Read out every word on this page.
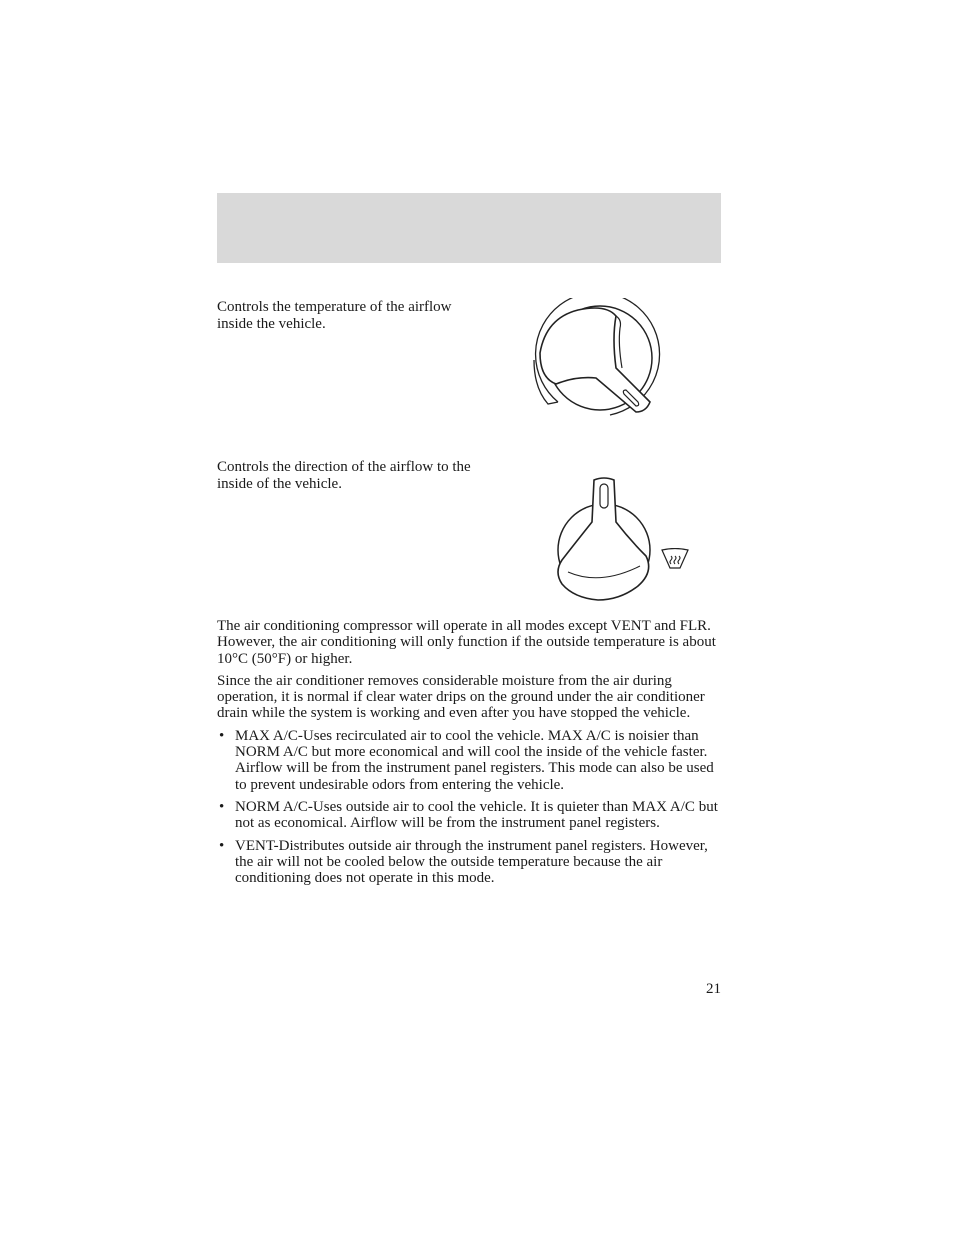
Controls the temperature of the airflow inside the vehicle.
Controls the direction of the airflow to the inside of the vehicle.

The air conditioning compressor will operate in all modes except VENT and FLR. However, the air conditioning will only function if the outside temperature is about 10°C (50°F) or higher.

Since the air conditioner removes considerable moisture from the air during operation, it is normal if clear water drips on the ground under the air conditioner drain while the system is working and even after you have stopped the vehicle.

• MAX A/C-Uses recirculated air to cool the vehicle. MAX A/C is noisier than NORM A/C but more economical and will cool the inside of the vehicle faster. Airflow will be from the instrument panel registers. This mode can also be used to prevent undesirable odors from entering the vehicle.
• NORM A/C-Uses outside air to cool the vehicle. It is quieter than MAX A/C but not as economical. Airflow will be from the instrument panel registers.
• VENT-Distributes outside air through the instrument panel registers. However, the air will not be cooled below the outside temperature because the air conditioning does not operate in this mode.
21
